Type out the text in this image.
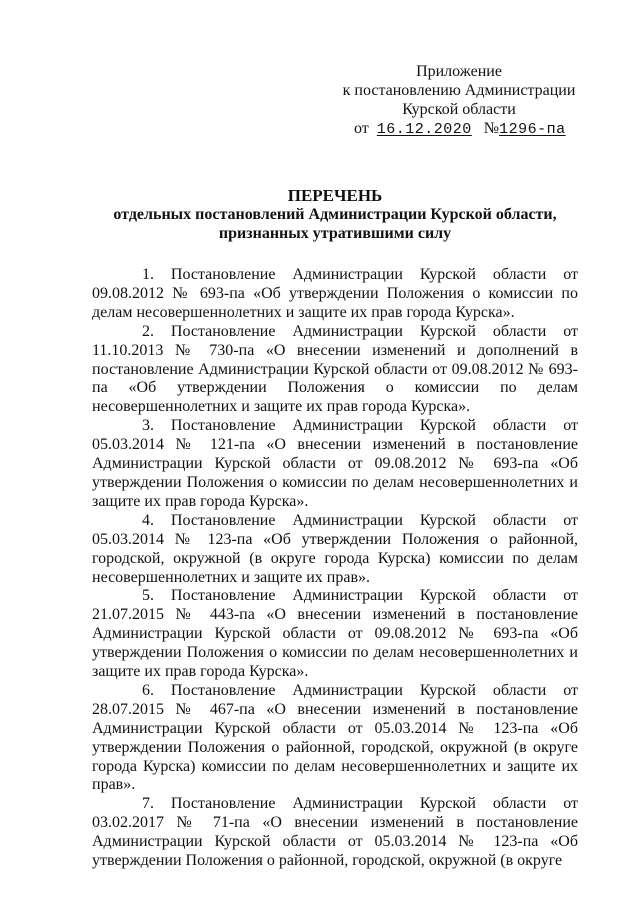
Приложение
к постановлению Администрации
Курской области
от 16.12.2020 №1296-па
ПЕРЕЧЕНЬ
отдельных постановлений Администрации Курской области,
признанных утратившими силу

1. Постановление Администрации Курской области от 09.08.2012 № 693-па «Об утверждении Положения о комиссии по делам несовершеннолетних и защите их прав города Курска».

2. Постановление Администрации Курской области от 11.10.2013 № 730-па «О внесении изменений и дополнений в постановление Администрации Курской области от 09.08.2012 № 693-па «Об утверждении Положения о комиссии по делам несовершеннолетних и защите их прав города Курска».

3. Постановление Администрации Курской области от 05.03.2014 № 121-па «О внесении изменений в постановление Администрации Курской области от 09.08.2012 № 693-па «Об утверждении Положения о комиссии по делам несовершеннолетних и защите их прав города Курска».

4. Постановление Администрации Курской области от 05.03.2014 № 123-па «Об утверждении Положения о районной, городской, окружной (в округе города Курска) комиссии по делам несовершеннолетних и защите их прав».

5. Постановление Администрации Курской области от 21.07.2015 № 443-па «О внесении изменений в постановление Администрации Курской области от 09.08.2012 № 693-па «Об утверждении Положения о комиссии по делам несовершеннолетних и защите их прав города Курска».

6. Постановление Администрации Курской области от 28.07.2015 № 467-па «О внесении изменений в постановление Администрации Курской области от 05.03.2014 № 123-па «Об утверждении Положения о районной, городской, окружной (в округе города Курска) комиссии по делам несовершеннолетних и защите их прав».

7. Постановление Администрации Курской области от 03.02.2017 № 71-па «О внесении изменений в постановление Администрации Курской области от 05.03.2014 № 123-па «Об утверждении Положения о районной, городской, окружной (в округе
